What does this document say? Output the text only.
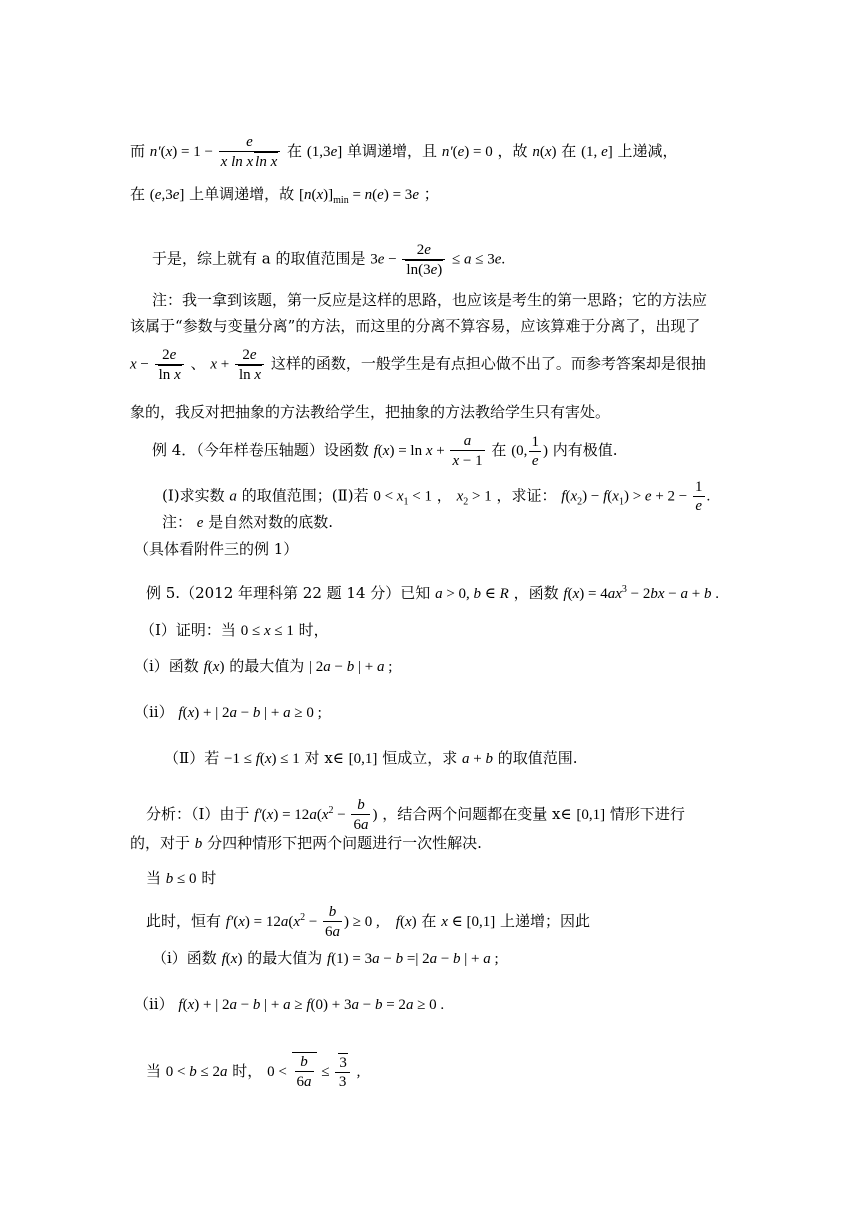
而 $n'(x) = 1 - \frac{e}{\text{x ln x ln x}}$ 在 (1,3e] 单调递增，且 n′(e) = 0 ，故 n(x) 在 (1, e] 上递减，
在 (e,3e] 上单调递增，故 $[n(x)]_{min} = n(e) = 3e$ ；
于是，综上就有 a 的取值范围是 $3e - \frac{2e}{\ln(3e)} \le a \le 3e$.
注：我一拿到该题，第一反应是这样的思路，也应该是考生的第一思路；它的方法应
该属于“参数与变量分离”的方法，而这里的分离不算容易，应该算难于分离了，出现了
$x - \frac{2e}{\text{ln x}}$ 、 $x + \frac{2e}{\text{ln x}}$ 这样的函数，一般学生是有点担心做不出了。而参考答案却是很抽
象的，我反对把抽象的方法教给学生，把抽象的方法教给学生只有害处。
例 4．（今年样卷压轴题）设函数 $f(x) = \ln x + \frac{a}{x - 1}$ 在 (0, $\frac{1}{e}$ ) 内有极值.
(Ⅰ)求实数 a 的取值范围；(Ⅱ)若 $0 < x_1 < 1$ ， $x_2 > 1$ ，求证： $f(x_2) - f(x_1) > e + 2 - \frac{1}{e}$ .
注： e 是自然对数的底数.
（具体看附件三的例 1）
例 5.（2012 年理科第 22 题 14 分）已知 a > 0, b ∈ R ，函数 $f(x) = 4ax^3 - 2bx - a + b$ .
（Ⅰ）证明：当 0 ≤ x ≤ 1 时，
（i）函数 f(x) 的最大值为 | 2a − b | + a ;
（ii） f(x) + | 2a − b | + a ≥ 0 ;
（Ⅱ）若 −1 ≤ f(x) ≤ 1 对 x∈ [0,1] 恒成立，求 a + b 的取值范围.
分析：（Ⅰ）由于 $f'(x) = 12a(x^2 - \frac{b}{6a}$ ) ，结合两个问题都在变量 x∈ [0,1] 情形下进行
的，对于 b 分四种情形下把两个问题进行一次性解决.
当 b ≤ 0 时
此时，恒有 $f'(x) = 12a(x^2 - \frac{b}{6a}$ ) ≥ 0 ,    f(x) 在 x ∈ [0,1] 上递增；因此
（i）函数 f(x) 的最大值为 f(1) = 3a − b =| 2a − b | + a ;
（ii） f(x) + | 2a − b | + a ≥ f(0) + 3a − b = 2a ≥ 0 .
当 0 < b ≤ 2a 时， $0 < \frac{b}{6a} \le \frac{3}{3}$ ,
